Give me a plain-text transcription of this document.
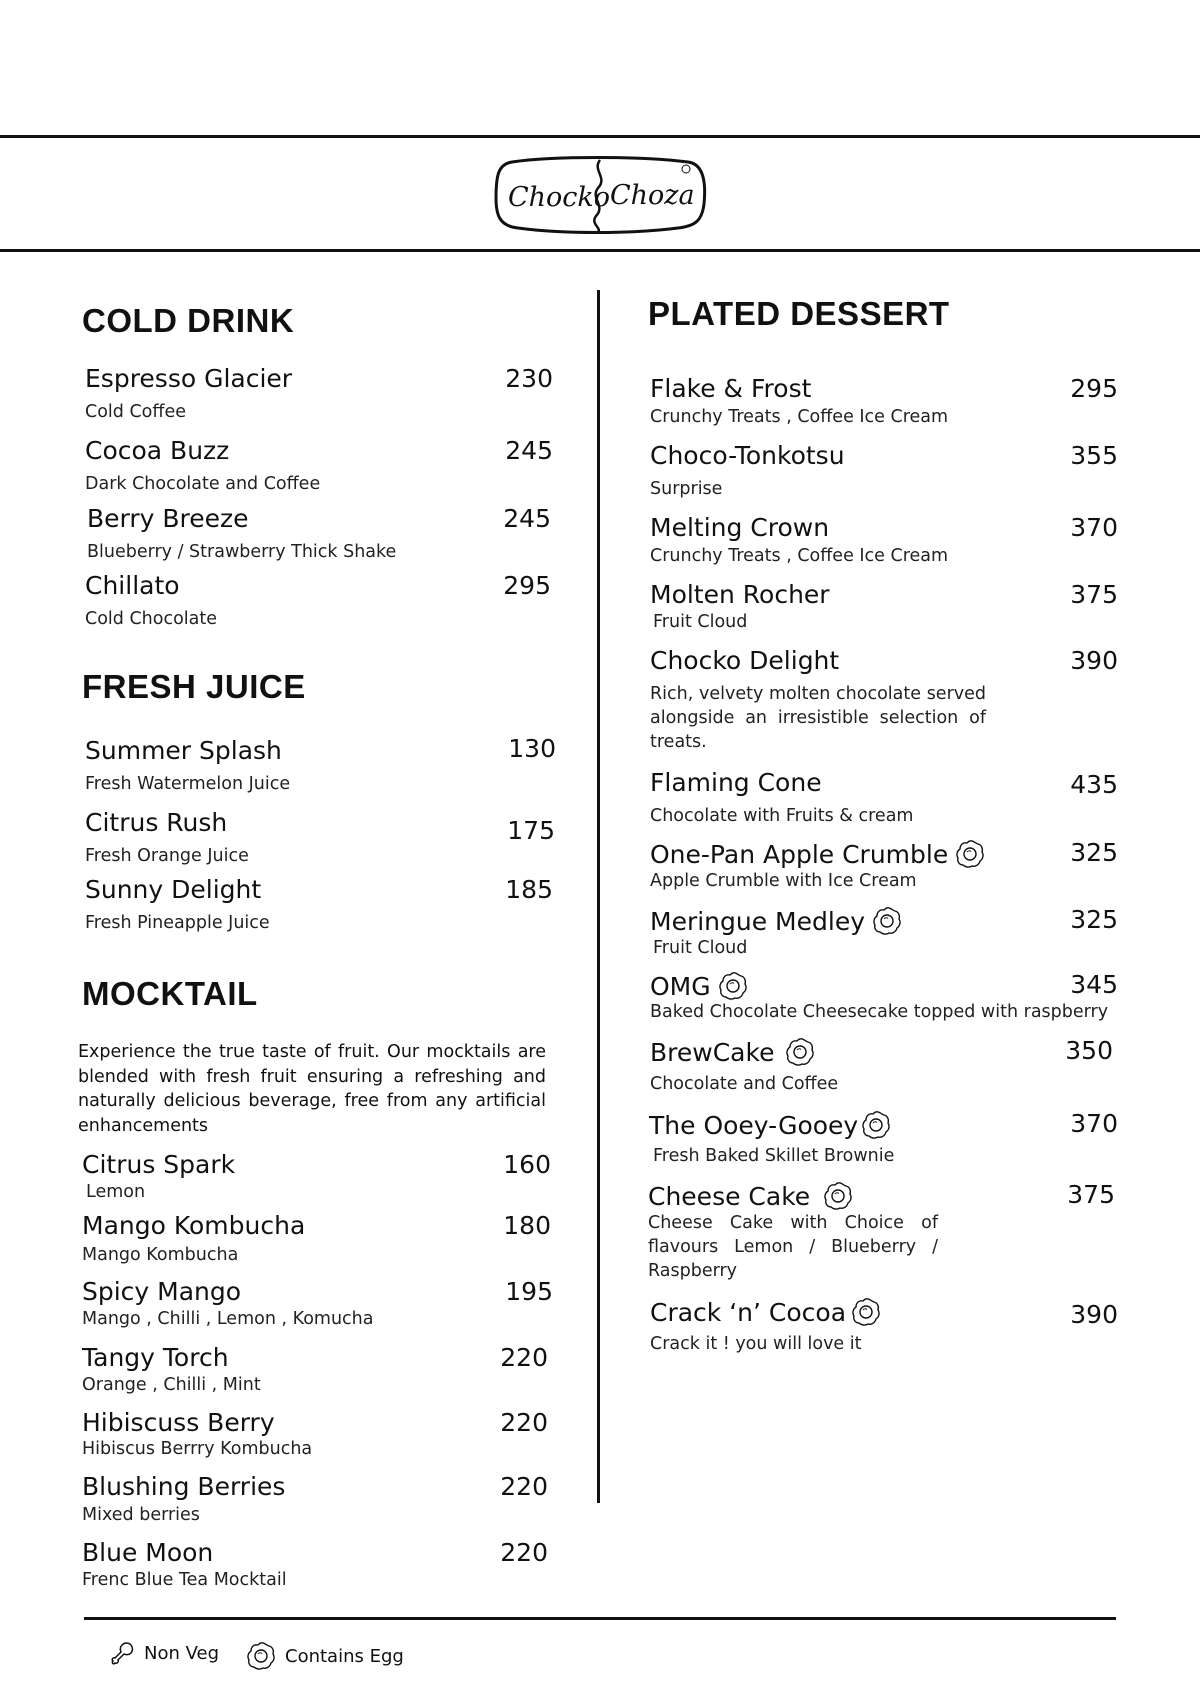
Chocko Choza
COLD DRINK
Espresso Glacier	230
Cold Coffee
Cocoa Buzz	245
Dark Chocolate and Coffee
Berry Breeze	245
Blueberry / Strawberry Thick Shake
Chillato	295
Cold Chocolate
FRESH JUICE
Summer Splash	130
Fresh Watermelon Juice
Citrus Rush	175
Fresh Orange Juice
Sunny Delight	185
Fresh Pineapple Juice
MOCKTAIL

Experience the true taste of fruit. Our mocktails are blended with fresh fruit ensuring a refreshing and naturally delicious beverage, free from any artificial enhancements

Citrus Spark	160
Lemon
Mango Kombucha	180
Mango Kombucha
Spicy Mango	195
Mango , Chilli , Lemon , Komucha
Tangy Torch	220
Orange , Chilli , Mint
Hibiscuss Berry	220
Hibiscus Berrry Kombucha
Blushing Berries	220
Mixed berries
Blue Moon	220
Frenc Blue Tea Mocktail
PLATED DESSERT
Flake & Frost	295
Crunchy Treats , Coffee Ice Cream
Choco-Tonkotsu	355
Surprise
Melting Crown	370
Crunchy Treats , Coffee Ice Cream
Molten Rocher	375
Fruit Cloud
Chocko Delight	390
Rich, velvety molten chocolate served alongside an irresistible selection of treats.
Flaming Cone	435
Chocolate with Fruits & cream
One-Pan Apple Crumble	325
Apple Crumble with Ice Cream
Meringue Medley	325
Fruit Cloud
OMG	345
Baked Chocolate Cheesecake topped with raspberry
BrewCake	350
Chocolate and Coffee
The Ooey-Gooey	370
Fresh Baked Skillet Brownie
Cheese Cake	375
Cheese Cake with Choice of flavours Lemon / Blueberry / Raspberry
Crack ‘n’ Cocoa	390
Crack it ! you will love it
Non Veg	Contains Egg
